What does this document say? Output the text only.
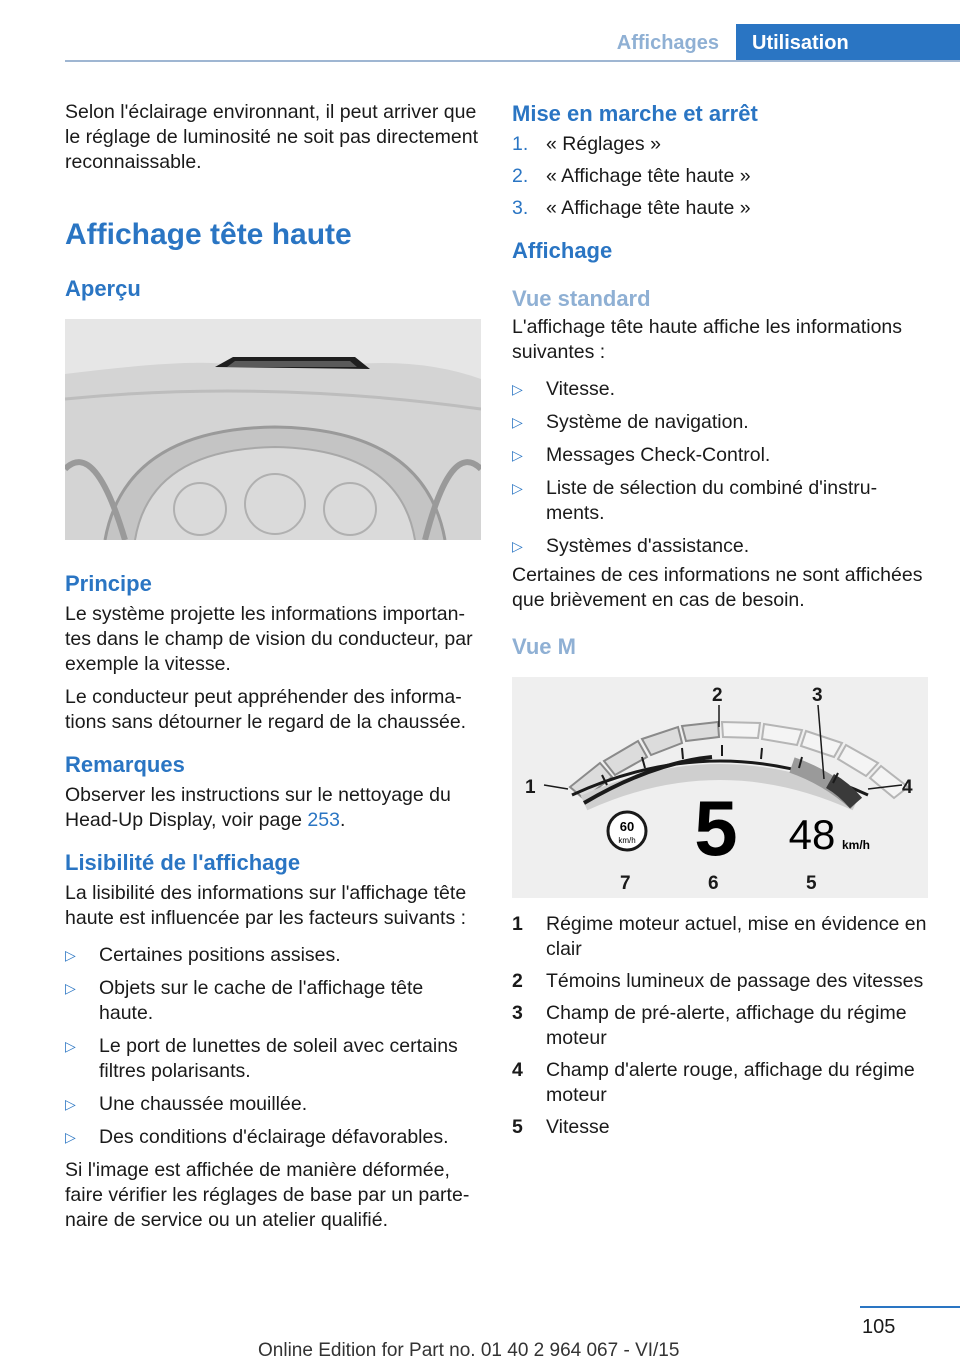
Affichages	Utilisation

Selon l'éclairage environnant, il peut arriver que le réglage de luminosité ne soit pas directement reconnaissable.

Affichage tête haute
Aperçu
Principe

Le système projette les informations importantes dans le champ de vision du conducteur, par exemple la vitesse.

Le conducteur peut appréhender des informations sans détourner le regard de la chaussée.

Remarques

Observer les instructions sur le nettoyage du Head-Up Display, voir page 253.

Lisibilité de l'affichage

La lisibilité des informations sur l'affichage tête haute est influencée par les facteurs suivants :

▷ Certaines positions assises.
▷ Objets sur le cache de l'affichage tête haute.
▷ Le port de lunettes de soleil avec certains filtres polarisants.
▷ Une chaussée mouillée.
▷ Des conditions d'éclairage défavorables.

Si l'image est affichée de manière déformée, faire vérifier les réglages de base par un partenaire de service ou un atelier qualifié.

Mise en marche et arrêt
1. « Réglages »
2. « Affichage tête haute »
3. « Affichage tête haute »
Affichage
Vue standard

L'affichage tête haute affiche les informations suivantes :

▷ Vitesse.
▷ Système de navigation.
▷ Messages Check-Control.
▷ Liste de sélection du combiné d'instruments.
▷ Systèmes d'assistance.

Certaines de ces informations ne sont affichées que brièvement en cas de besoin.

Vue M
60
km/h 5 48 km/h
1
2	3
4
5
6
7
1 Régime moteur actuel, mise en évidence en clair
2 Témoins lumineux de passage des vitesses
3 Champ de pré-alerte, affichage du régime moteur
4 Champ d'alerte rouge, affichage du régime moteur
5 Vitesse
105
Online Edition for Part no. 01 40 2 964 067 - VI/15
